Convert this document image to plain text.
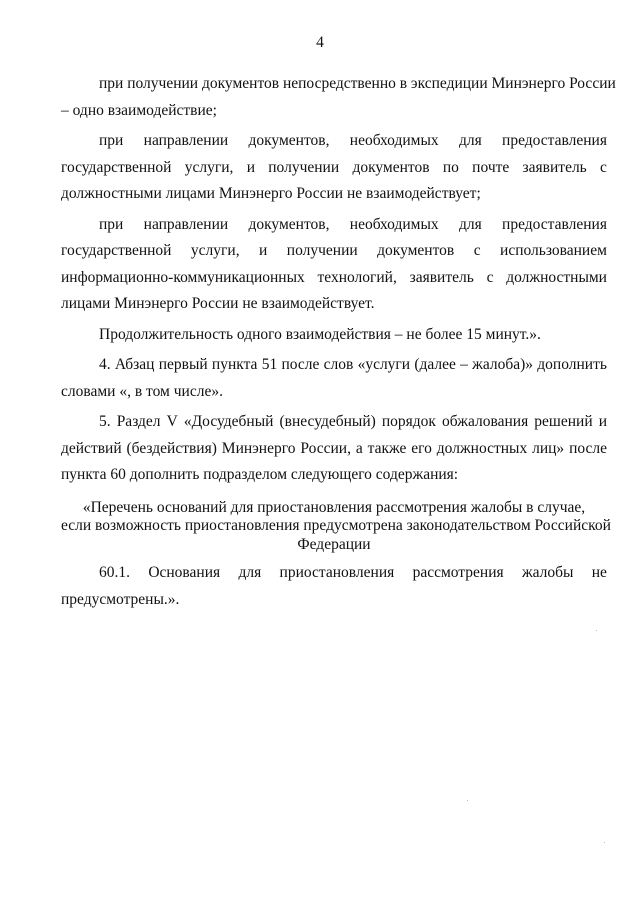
4
при получении документов непосредственно в экспедиции Минэнерго России
– одно взаимодействие;
при направлении документов, необходимых для предоставления
государственной услуги, и получении документов по почте заявитель с
должностными лицами Минэнерго России не взаимодействует;
при направлении документов, необходимых для предоставления
государственной услуги, и получении документов с использованием
информационно-коммуникационных технологий, заявитель с должностными
лицами Минэнерго России не взаимодействует.
Продолжительность одного взаимодействия – не более 15 минут.».
4. Абзац первый пункта 51 после слов «услуги (далее – жалоба)» дополнить
словами «, в том числе».
5. Раздел V «Досудебный (внесудебный) порядок обжалования решений и
действий (бездействия) Минэнерго России, а также его должностных лиц» после
пункта 60 дополнить подразделом следующего содержания:
«Перечень оснований для приостановления рассмотрения жалобы в случае,
если возможность приостановления предусмотрена законодательством Российской
Федерации
60.1. Основания для приостановления рассмотрения жалобы не
предусмотрены.».
